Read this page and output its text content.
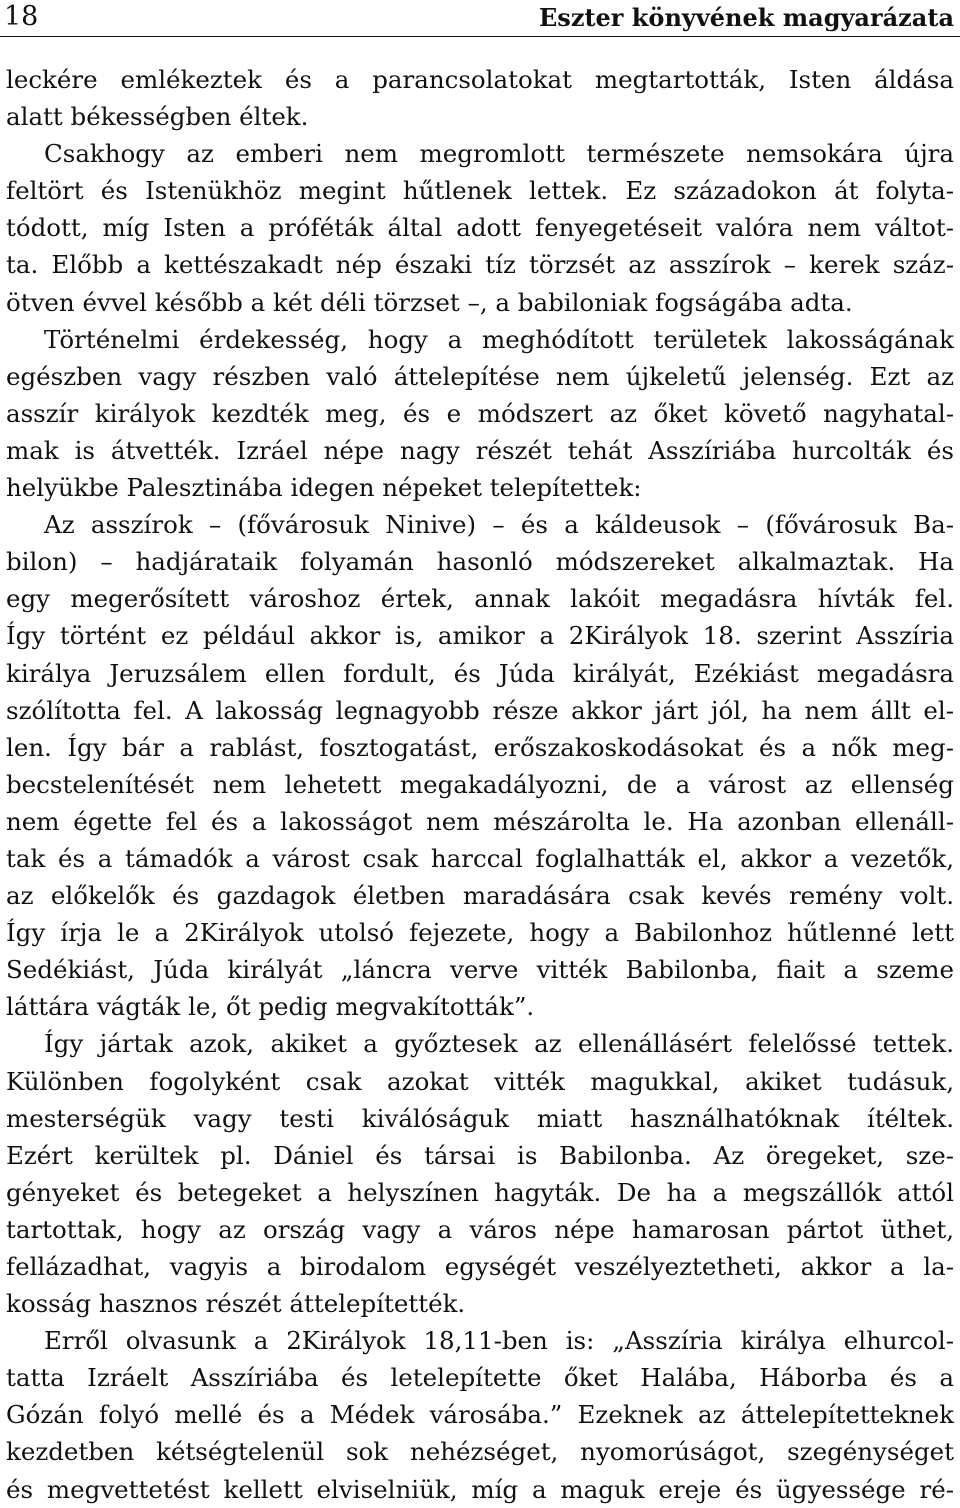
18	Eszter könyvének magyarázata
leckére emlékeztek és a parancsolatokat megtartották, Isten áldása
alatt békességben éltek.
Csakhogy az emberi nem megromlott természete nemsokára újra
feltört és Istenükhöz megint hűtlenek lettek. Ez századokon át folyta-
tódott, míg Isten a próféták által adott fenyegetéseit valóra nem váltot-
ta. Előbb a kettészakadt nép északi tíz törzsét az asszírok – kerek száz-
ötven évvel később a két déli törzset –, a babiloniak fogságába adta.
Történelmi érdekesség, hogy a meghódított területek lakosságának
egészben vagy részben való áttelepítése nem újkeletű jelenség. Ezt az
asszír királyok kezdték meg, és e módszert az őket követő nagyhatal-
mak is átvették. Izráel népe nagy részét tehát Asszíriába hurcolták és
helyükbe Palesztinába idegen népeket telepítettek:
Az asszírok – (fővárosuk Ninive) – és a káldeusok – (fővárosuk Ba-
bilon) – hadjárataik folyamán hasonló módszereket alkalmaztak. Ha
egy megerősített városhoz értek, annak lakóit megadásra hívták fel.
Így történt ez például akkor is, amikor a 2Királyok 18. szerint Asszíria
királya Jeruzsálem ellen fordult, és Júda királyát, Ezékiást megadásra
szólította fel. A lakosság legnagyobb része akkor járt jól, ha nem állt el-
len. Így bár a rablást, fosztogatást, erőszakoskodásokat és a nők meg-
becstelenítését nem lehetett megakadályozni, de a várost az ellenség
nem égette fel és a lakosságot nem mészárolta le. Ha azonban ellenáll-
tak és a támadók a várost csak harccal foglalhatták el, akkor a vezetők,
az előkelők és gazdagok életben maradására csak kevés remény volt.
Így írja le a 2Királyok utolsó fejezete, hogy a Babilonhoz hűtlenné lett
Sedékiást, Júda királyát „láncra verve vitték Babilonba, fiait a szeme
láttára vágták le, őt pedig megvakították”.
Így jártak azok, akiket a győztesek az ellenállásért felelőssé tettek.
Különben fogolyként csak azokat vitték magukkal, akiket tudásuk,
mesterségük vagy testi kiválóságuk miatt használhatóknak ítéltek.
Ezért kerültek pl. Dániel és társai is Babilonba. Az öregeket, sze-
gényeket és betegeket a helyszínen hagyták. De ha a megszállók attól
tartottak, hogy az ország vagy a város népe hamarosan pártot üthet,
fellázadhat, vagyis a birodalom egységét veszélyeztetheti, akkor a la-
kosság hasznos részét áttelepítették.
Erről olvasunk a 2Királyok 18,11-ben is: „Asszíria királya elhurcol-
tatta Izráelt Asszíriába és letelepítette őket Halába, Háborba és a
Gózán folyó mellé és a Médek városába.” Ezeknek az áttelepítetteknek
kezdetben kétségtelenül sok nehézséget, nyomorúságot, szegénységet
és megvettetést kellett elviselniük, míg a maguk ereje és ügyessége ré-
